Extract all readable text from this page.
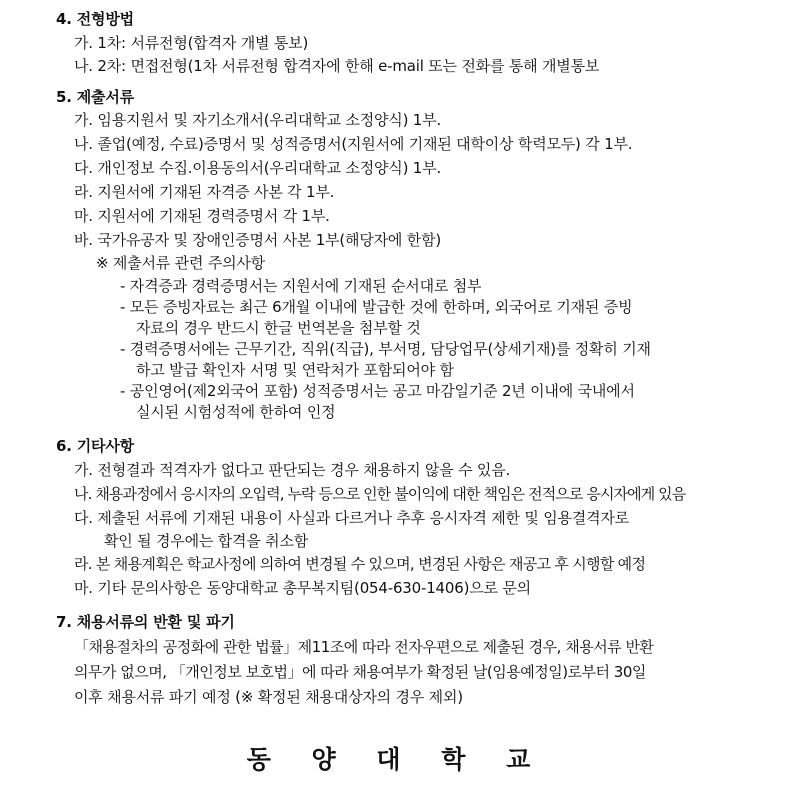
4. 전형방법
가. 1차: 서류전형(합격자 개별 통보)
나. 2차: 면접전형(1차 서류전형 합격자에 한해 e-mail 또는 전화를 통해 개별통보
5. 제출서류
가. 임용지원서 및 자기소개서(우리대학교 소정양식) 1부.
나. 졸업(예정, 수료)증명서 및 성적증명서(지원서에 기재된 대학이상 학력모두) 각 1부.
다. 개인정보 수집.이용동의서(우리대학교 소정양식) 1부.
라. 지원서에 기재된 자격증 사본 각 1부.
마. 지원서에 기재된 경력증명서 각 1부.
바. 국가유공자 및 장애인증명서 사본 1부(해당자에 한함)
※ 제출서류 관련 주의사항
- 자격증과 경력증명서는 지원서에 기재된 순서대로 첨부
- 모든 증빙자료는 최근 6개월 이내에 발급한 것에 한하며, 외국어로 기재된 증빙
자료의 경우 반드시 한글 번역본을 첨부할 것
- 경력증명서에는 근무기간, 직위(직급), 부서명, 담당업무(상세기재)를 정확히 기재
하고 발급 확인자 서명 및 연락처가 포함되어야 함
- 공인영어(제2외국어 포함) 성적증명서는 공고 마감일기준 2년 이내에 국내에서
실시된 시험성적에 한하여 인정
6. 기타사항
가. 전형결과 적격자가 없다고 판단되는 경우 채용하지 않을 수 있음.
나. 채용과정에서 응시자의 오입력, 누락 등으로 인한 불이익에 대한 책임은 전적으로 응시자에게 있음
다. 제출된 서류에 기재된 내용이 사실과 다르거나 추후 응시자격 제한 및 임용결격자로
확인 될 경우에는 합격을 취소함
라. 본 채용계획은 학교사정에 의하여 변경될 수 있으며, 변경된 사항은 재공고 후 시행할 예정
마. 기타 문의사항은 동양대학교 총무복지팀(054-630-1406)으로 문의
7. 채용서류의 반환 및 파기
「채용절차의 공정화에 관한 법률」제11조에 따라 전자우편으로 제출된 경우, 채용서류 반환
의무가 없으며, 「개인정보 보호법」에 따라 채용여부가 확정된 날(임용예정일)로부터 30일
이후 채용서류 파기 예정 (※ 확정된 채용대상자의 경우 제외)
동 양 대 학 교
